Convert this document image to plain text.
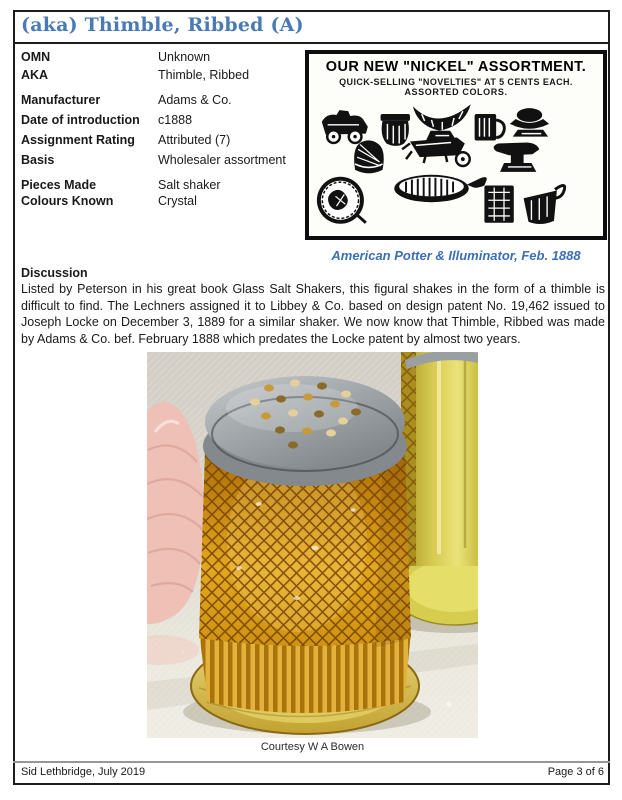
(aka) Thimble, Ribbed (A)
OMN	Unknown
AKA	Thimble, Ribbed
Manufacturer	Adams & Co.
Date of introduction	c1888
Assignment Rating	Attributed (7)
Basis	Wholesaler assortment
Pieces Made	Salt shaker
Colours Known	Crystal
OUR NEW "NICKEL" ASSORTMENT.
QUICK-SELLING "NOVELTIES" AT 5 CENTS EACH.
ASSORTED COLORS.
American Potter & Illuminator, Feb. 1888
Discussion
Listed by Peterson in his great book Glass Salt Shakers, this figural shakes in the form of a thimble is difficult to find. The Lechners assigned it to Libbey & Co. based on design patent No. 19,462 issued to Joseph Locke on December 3, 1889 for a similar shaker. We now know that Thimble, Ribbed was made by Adams & Co. bef. February 1888 which predates the Locke patent by almost two years.
Courtesy W A Bowen
Sid Lethbridge, July 2019	Page 3 of 6
